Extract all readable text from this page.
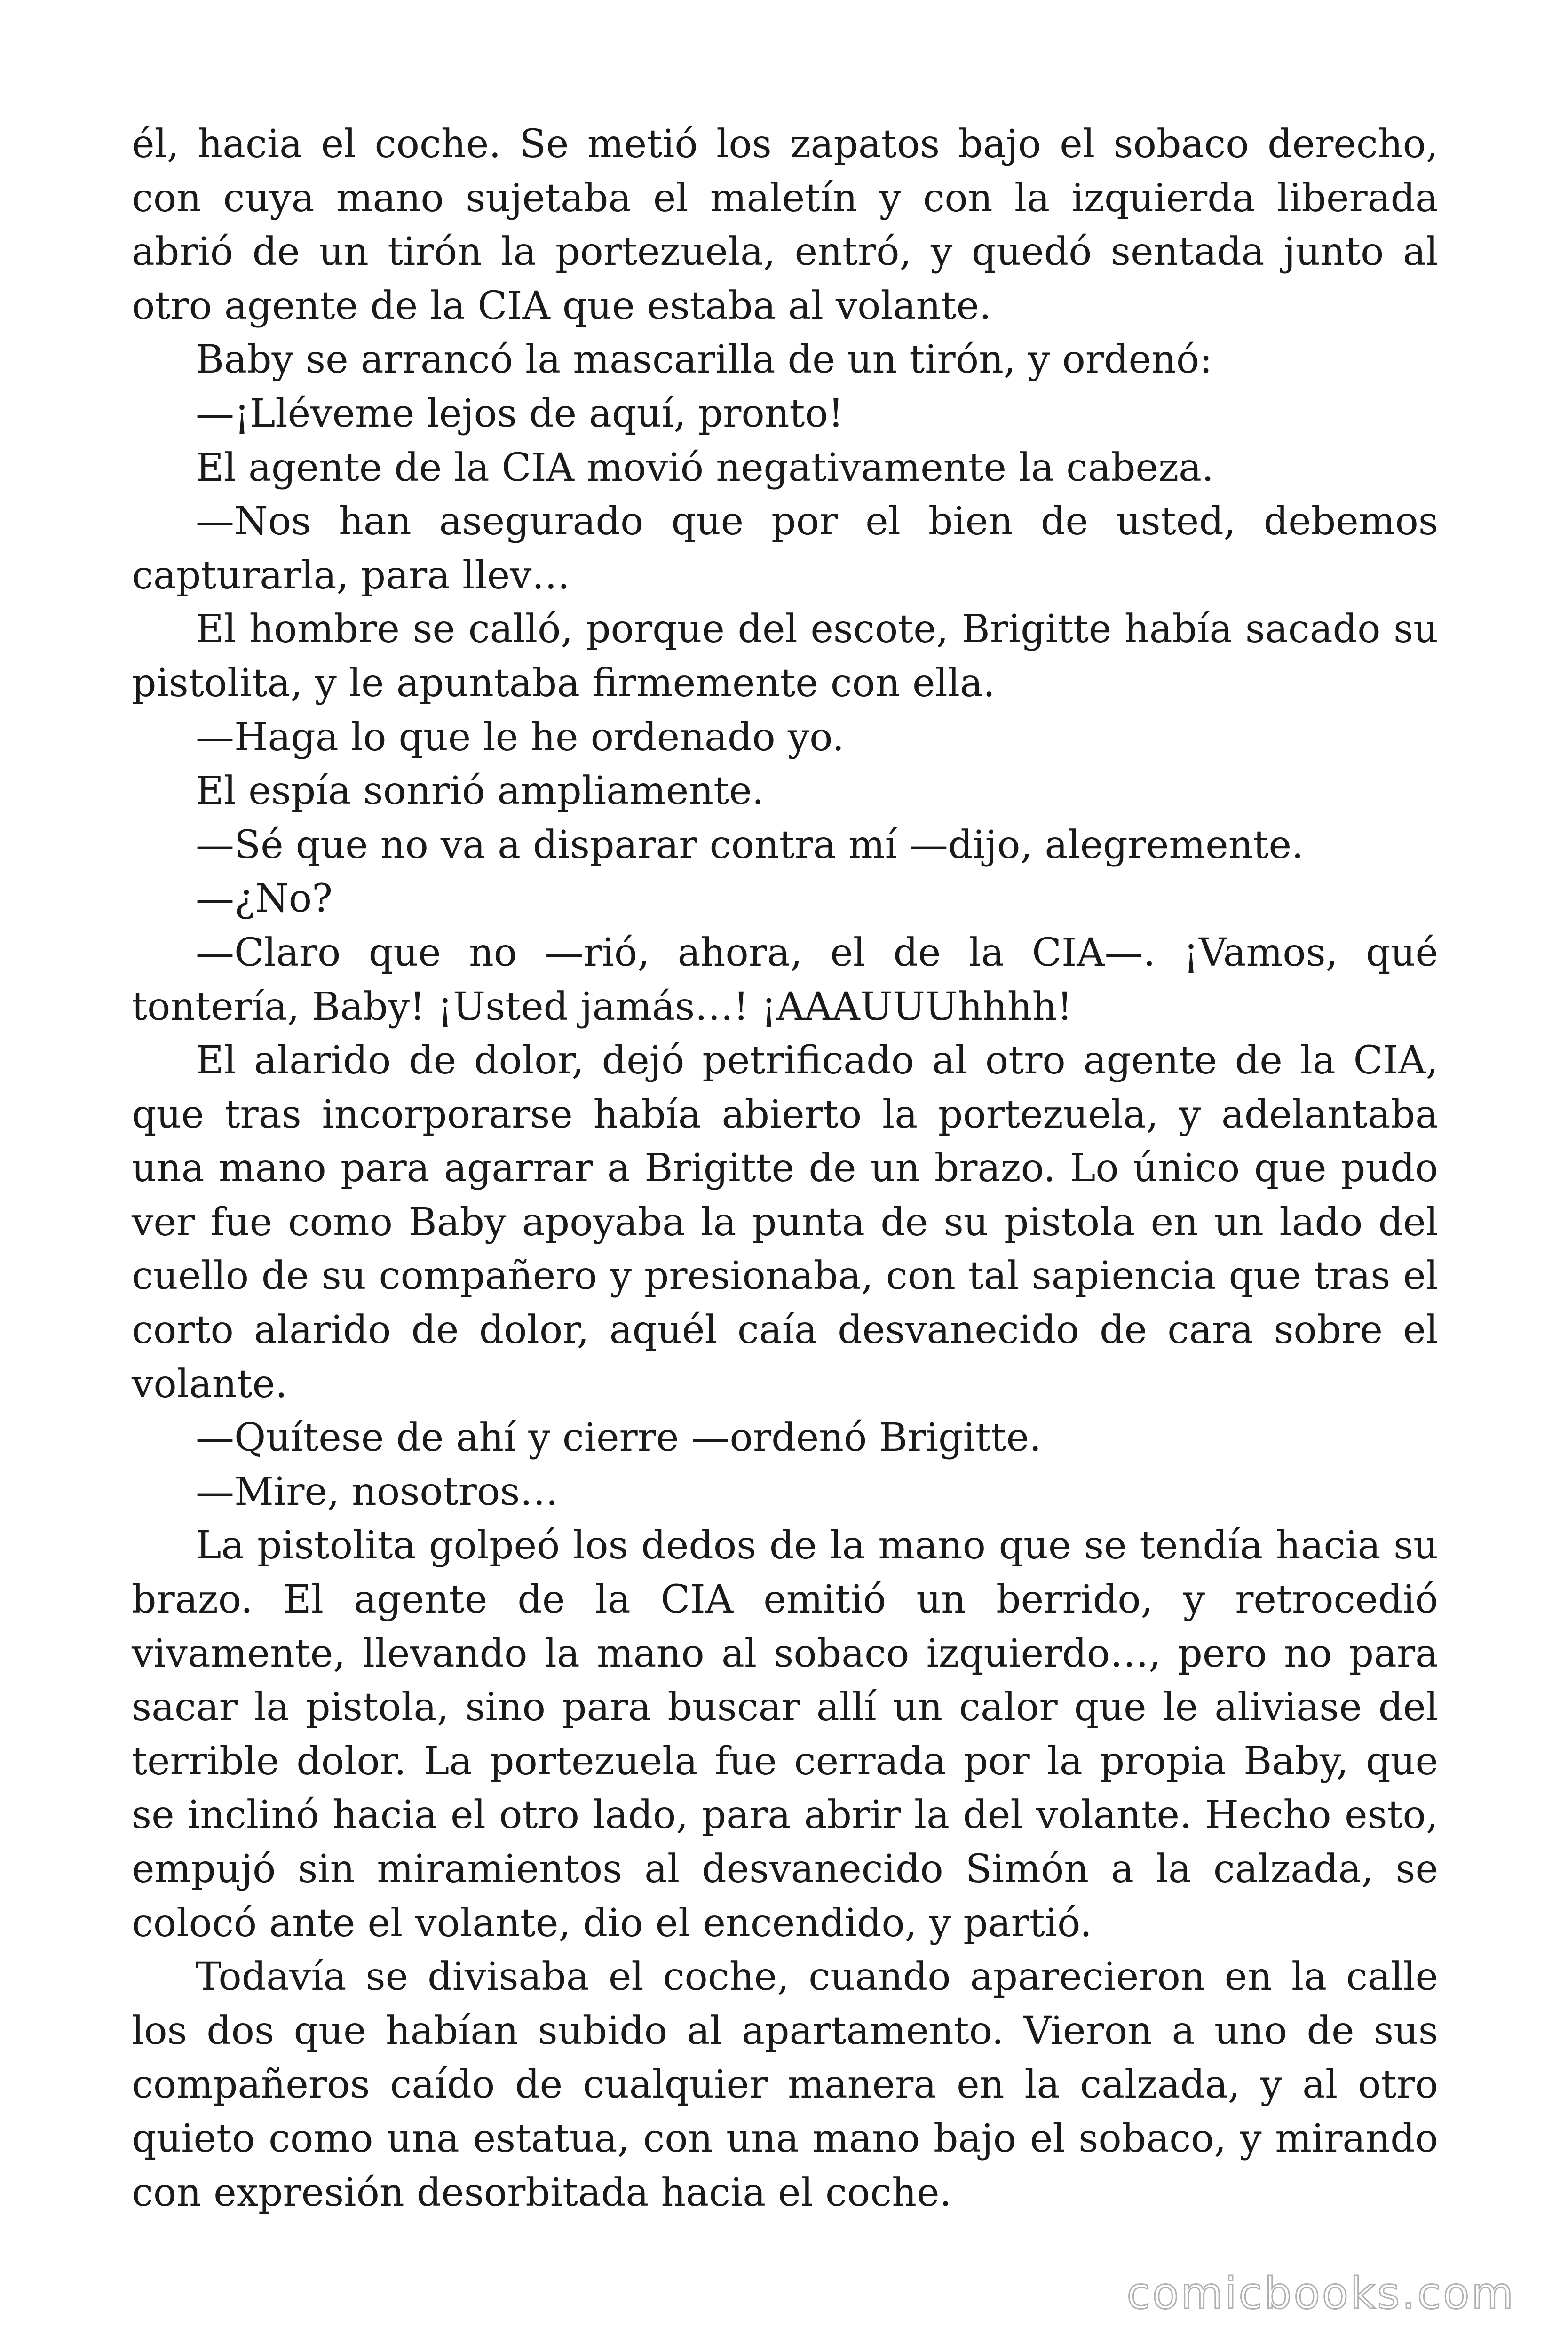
él, hacia el coche. Se metió los zapatos bajo el sobaco derecho, con cuya mano sujetaba el maletín y con la izquierda liberada abrió de un tirón la portezuela, entró, y quedó sentada junto al otro agente de la CIA que estaba al volante.

Baby se arrancó la mascarilla de un tirón, y ordenó:

—¡Lléveme lejos de aquí, pronto!

El agente de la CIA movió negativamente la cabeza.

—Nos han asegurado que por el bien de usted, debemos capturarla, para llev…

El hombre se calló, porque del escote, Brigitte había sacado su pistolita, y le apuntaba firmemente con ella.

—Haga lo que le he ordenado yo.

El espía sonrió ampliamente.

—Sé que no va a disparar contra mí —dijo, alegremente.

—¿No?

—Claro que no —rió, ahora, el de la CIA—. ¡Vamos, qué tontería, Baby! ¡Usted jamás…! ¡AAAUUUhhhh!

El alarido de dolor, dejó petrificado al otro agente de la CIA, que tras incorporarse había abierto la portezuela, y adelantaba una mano para agarrar a Brigitte de un brazo. Lo único que pudo ver fue como Baby apoyaba la punta de su pistola en un lado del cuello de su compañero y presionaba, con tal sapiencia que tras el corto alarido de dolor, aquél caía desvanecido de cara sobre el volante.

—Quítese de ahí y cierre —ordenó Brigitte.

—Mire, nosotros…

La pistolita golpeó los dedos de la mano que se tendía hacia su brazo. El agente de la CIA emitió un berrido, y retrocedió vivamente, llevando la mano al sobaco izquierdo…, pero no para sacar la pistola, sino para buscar allí un calor que le aliviase del terrible dolor. La portezuela fue cerrada por la propia Baby, que se inclinó hacia el otro lado, para abrir la del volante. Hecho esto, empujó sin miramientos al desvanecido Simón a la calzada, se colocó ante el volante, dio el encendido, y partió.

Todavía se divisaba el coche, cuando aparecieron en la calle los dos que habían subido al apartamento. Vieron a uno de sus compañeros caído de cualquier manera en la calzada, y al otro quieto como una estatua, con una mano bajo el sobaco, y mirando con expresión desorbitada hacia el coche.

comicbooks.com
